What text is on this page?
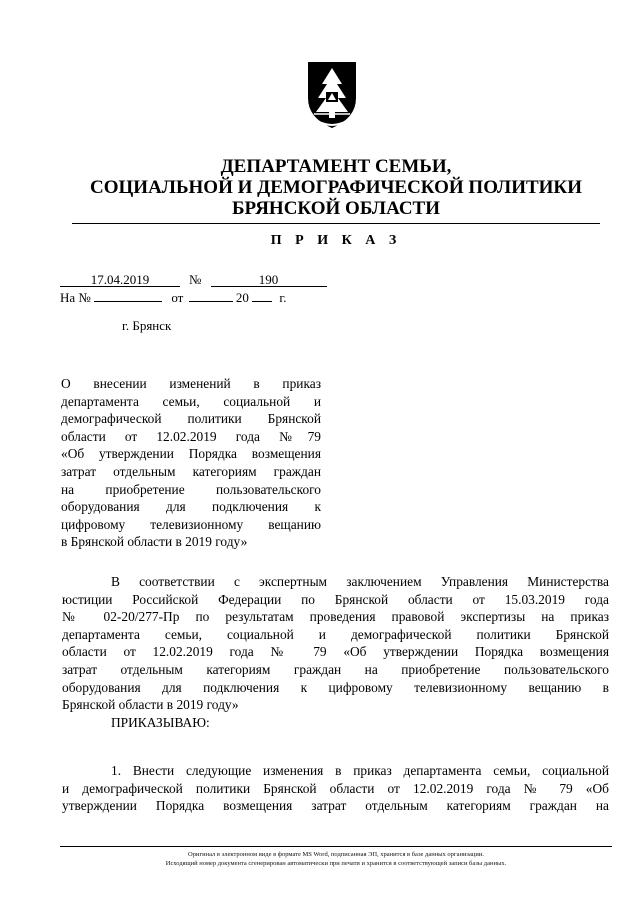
ДЕПАРТАМЕНТ СЕМЬИ,
СОЦИАЛЬНОЙ И ДЕМОГРАФИЧЕСКОЙ ПОЛИТИКИ
БРЯНСКОЙ ОБЛАСТИ
П Р И К А З
17.04.2019	№	190
На №	от	20 г.
г. Брянск
О внесении изменений в приказ
департамента семьи, социальной и
демографической политики Брянской
области от 12.02.2019 года №79
«Об утверждении Порядка возмещения
затрат отдельным категориям граждан
на приобретение пользовательского
оборудования для подключения к
цифровому телевизионному вещанию
в Брянской области в 2019 году»
В соответствии с экспертным заключением Управления Министерства
юстиции Российской Федерации по Брянской области от 15.03.2019 года
№ 02-20/277-Пр по результатам проведения правовой экспертизы на приказ
департамента семьи, социальной и демографической политики Брянской
области от 12.02.2019 года № 79 «Об утверждении Порядка возмещения
затрат отдельным категориям граждан на приобретение пользовательского
оборудования для подключения к цифровому телевизионному вещанию в
Брянской области в 2019 году»
ПРИКАЗЫВАЮ:
1. Внести следующие изменения в приказ департамента семьи, социальной
и демографической политики Брянской области от 12.02.2019 года № 79 «Об
утверждении Порядка возмещения затрат отдельным категориям граждан на
Оригинал в электронном виде в формате MS Word, подписанная ЭП, хранится в базе данных организации.
Исходящий номер документа сгенерирован автоматически при печати и хранится в соответствующей записи базы данных.
